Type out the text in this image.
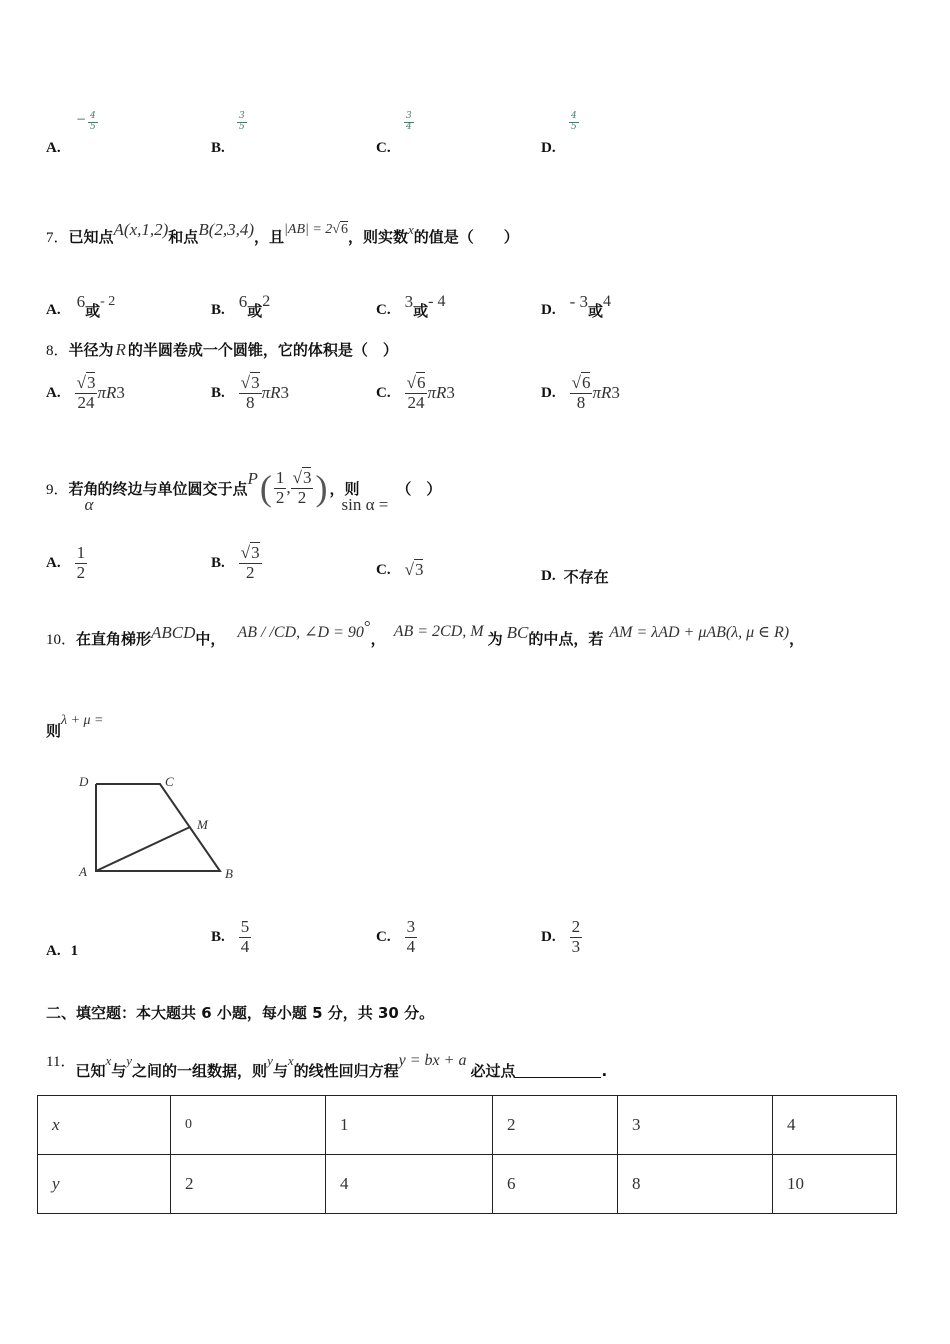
A.
− $\frac{4}{5}$
B.
$\frac{3}{5}$
C.
$\frac{3}{4}$
D.
$\frac{4}{5}$
7． 已知点 A(x,1,2) 和点 B(2,3,4) ，且 |AB| = 2√6 ，则实数 x 的值是（　　）
A. 6
或
- 2
B. 6
或
2
C. 3
或
- 4
D. - 3
或
4
8． 半径为 R 的半圆卷成一个圆锥，它的体积是（　）
A. $\frac{√3}{24}$ πR 3	B. $\frac{√3}{8}$ πR 3	C. $\frac{√6}{24}$ πR 3	D. $\frac{√6}{8}$ πR 3
9． 若角
α
的终边与单位圆交于点
P ( $\frac{1}{2}$ , $\frac{√3}{2}$ ) ，则
sin α =
（　）
A. $\frac{1}{2}$	B. $\frac{√3}{2}$	C. √3	D. 不存在
10． 在直角梯形 ABCD 中， AB / /CD, ∠D = 90 °
， AB = 2CD, M 为 BC 的中点，若 AM = λAD + μAB(λ, μ ∈ R) ，
则
λ + μ =
D	C
M
A	B
A. 1
B. $\frac{5}{4}$	C. $\frac{3}{4}$	D. $\frac{2}{3}$
二、填空题：本大题共 6 小题，每小题 5 分，共 30 分。
11． 已知
x
与
y
之间的一组数据，则
y
与
x
的线性回归方程
y = bx + a
必过点	.
x	0	1	2	3	4
y	2	4	6	8	10
